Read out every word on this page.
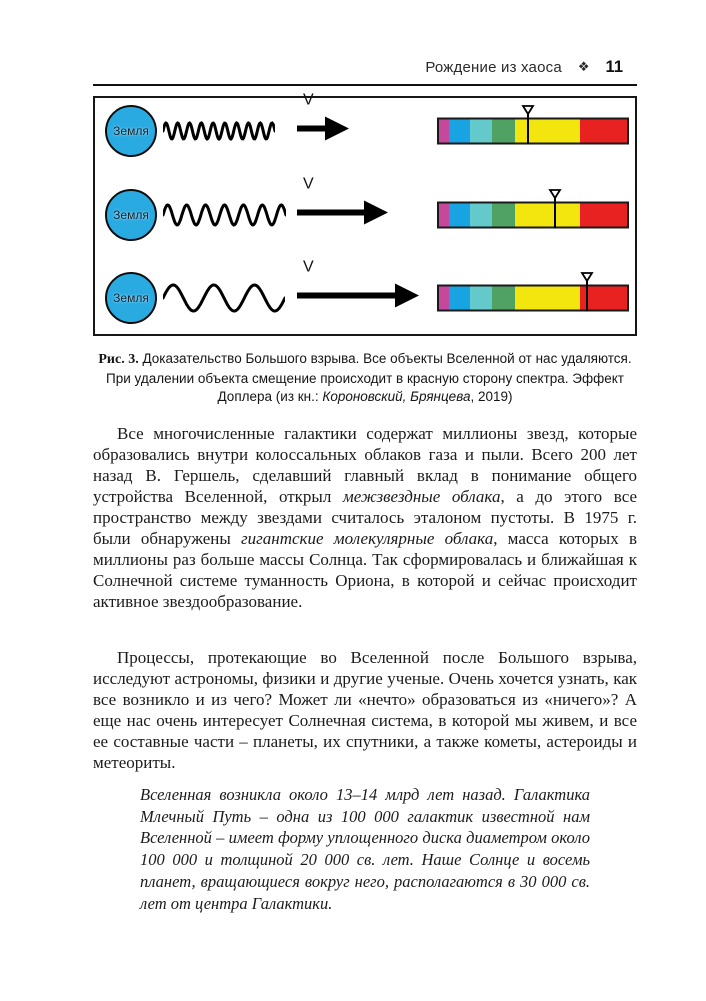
Рождение из хаоса ❖ 11
Земля
V
Земля
V
Земля
V
Рис. 3. Доказательство Большого взрыва. Все объекты Вселенной от нас удаляются. При удалении объекта смещение происходит в красную сторону спектра. Эффект Доплера (из кн.: Короновский, Брянцева, 2019)
Все многочисленные галактики содержат миллионы звезд, которые образовались внутри колоссальных облаков газа и пыли. Всего 200 лет назад В. Гершель, сделавший главный вклад в понимание общего устройства Вселенной, открыл межзвездные облака, а до этого все пространство между звездами считалось эталоном пустоты. В 1975 г. были обнаружены гигантские молекулярные облака, масса которых в миллионы раз больше массы Солнца. Так сформировалась и ближайшая к Солнечной системе туманность Ориона, в которой и сейчас происходит активное звездообразование.
Процессы, протекающие во Вселенной после Большого взрыва, исследуют астрономы, физики и другие ученые. Очень хочется узнать, как все возникло и из чего? Может ли «нечто» образоваться из «ничего»? А еще нас очень интересует Солнечная система, в которой мы живем, и все ее составные части – планеты, их спутники, а также кометы, астероиды и метеориты.
Вселенная возникла около 13–14 млрд лет назад. Галактика Млечный Путь – одна из 100 000 галактик известной нам Вселенной – имеет форму уплощенного диска диаметром около 100 000 и толщиной 20 000 св. лет. Наше Солнце и восемь планет, вращающиеся вокруг него, располагаются в 30 000 св. лет от центра Галактики.
